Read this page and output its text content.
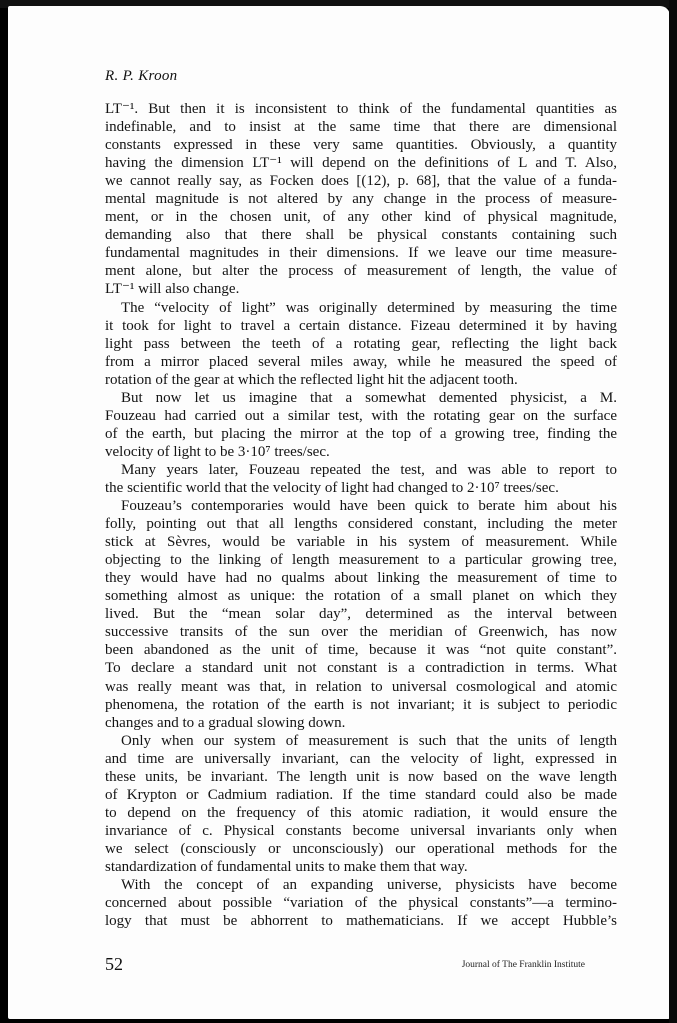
R. P. Kroon

LT⁻¹. But then it is inconsistent to think of the fundamental quantities as
indefinable, and to insist at the same time that there are dimensional
constants expressed in these very same quantities. Obviously, a quantity
having the dimension LT⁻¹ will depend on the definitions of L and T. Also,
we cannot really say, as Focken does [(12), p. 68], that the value of a funda-
mental magnitude is not altered by any change in the process of measure-
ment, or in the chosen unit, of any other kind of physical magnitude,
demanding also that there shall be physical constants containing such
fundamental magnitudes in their dimensions. If we leave our time measure-
ment alone, but alter the process of measurement of length, the value of
LT⁻¹ will also change.

The “velocity of light” was originally determined by measuring the time
it took for light to travel a certain distance. Fizeau determined it by having
light pass between the teeth of a rotating gear, reflecting the light back
from a mirror placed several miles away, while he measured the speed of
rotation of the gear at which the reflected light hit the adjacent tooth.

But now let us imagine that a somewhat demented physicist, a M.
Fouzeau had carried out a similar test, with the rotating gear on the surface
of the earth, but placing the mirror at the top of a growing tree, finding the
velocity of light to be 3·10⁷ trees/sec.

Many years later, Fouzeau repeated the test, and was able to report to
the scientific world that the velocity of light had changed to 2·10⁷ trees/sec.

Fouzeau’s contemporaries would have been quick to berate him about his
folly, pointing out that all lengths considered constant, including the meter
stick at Sèvres, would be variable in his system of measurement. While
objecting to the linking of length measurement to a particular growing tree,
they would have had no qualms about linking the measurement of time to
something almost as unique: the rotation of a small planet on which they
lived. But the “mean solar day”, determined as the interval between
successive transits of the sun over the meridian of Greenwich, has now
been abandoned as the unit of time, because it was “not quite constant”.
To declare a standard unit not constant is a contradiction in terms. What
was really meant was that, in relation to universal cosmological and atomic
phenomena, the rotation of the earth is not invariant; it is subject to periodic
changes and to a gradual slowing down.

Only when our system of measurement is such that the units of length
and time are universally invariant, can the velocity of light, expressed in
these units, be invariant. The length unit is now based on the wave length
of Krypton or Cadmium radiation. If the time standard could also be made
to depend on the frequency of this atomic radiation, it would ensure the
invariance of c. Physical constants become universal invariants only when
we select (consciously or unconsciously) our operational methods for the
standardization of fundamental units to make them that way.

With the concept of an expanding universe, physicists have become
concerned about possible “variation of the physical constants”—a termino-
logy that must be abhorrent to mathematicians. If we accept Hubble’s

52	Journal of The Franklin Institute
